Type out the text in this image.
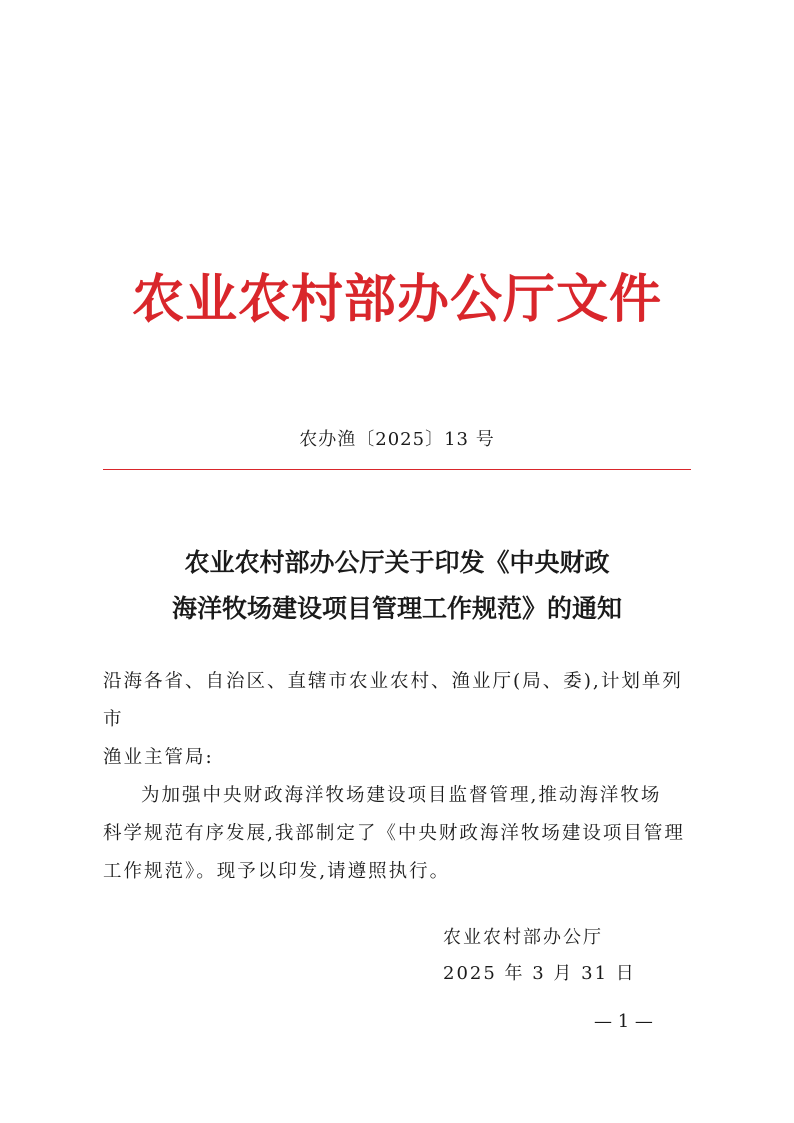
农业农村部办公厅文件
农办渔〔2025〕13 号
农业农村部办公厅关于印发《中央财政
海洋牧场建设项目管理工作规范》的通知

沿海各省、自治区、直辖市农业农村、渔业厅(局、委),计划单列市

渔业主管局:

为加强中央财政海洋牧场建设项目监督管理,推动海洋牧场

科学规范有序发展,我部制定了《中央财政海洋牧场建设项目管理

工作规范》。现予以印发,请遵照执行。

农业农村部办公厅
2025 年 3 月 31 日
— 1 —
